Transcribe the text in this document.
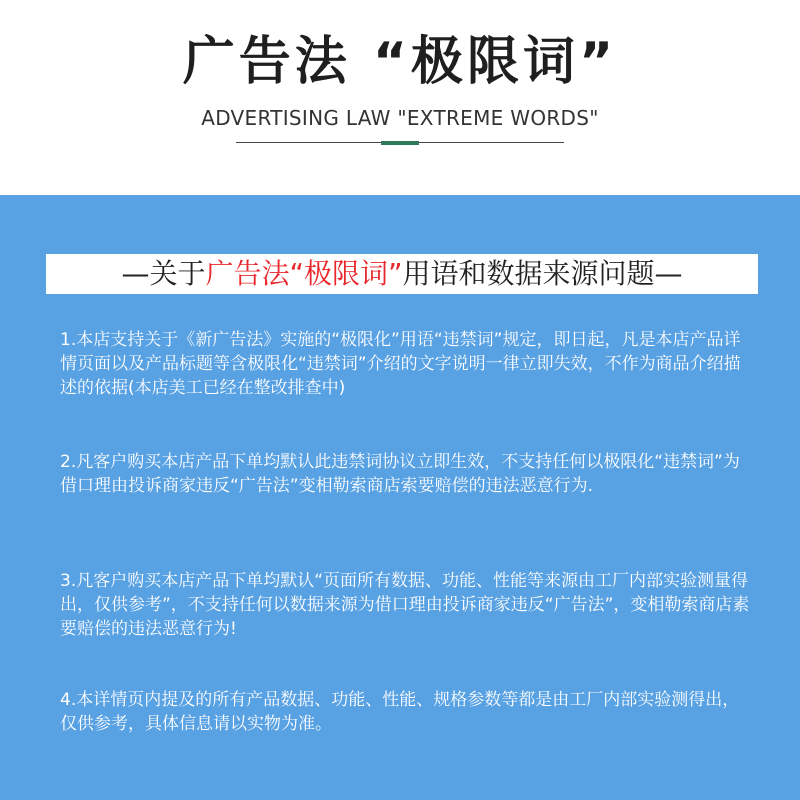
广告法 “极限词”
ADVERTISING LAW "EXTREME WORDS"
—关于广告法“极限词”用语和数据来源问题—
1.本店支持关于《新广告法》实施的“极限化”用语“违禁词”规定，即日起，凡是本店产品详情页面以及产品标题等含极限化“违禁词”介绍的文字说明一律立即失效，不作为商品介绍描述的依据(本店美工已经在整改排查中)
2.凡客户购买本店产品下单均默认此违禁词协议立即生效，不支持任何以极限化“违禁词”为借口理由投诉商家违反“广告法”变相勒索商店索要赔偿的违法恶意行为.
3.凡客户购买本店产品下单均默认“页面所有数据、功能、性能等来源由工厂内部实验测量得出，仅供参考”，不支持任何以数据来源为借口理由投诉商家违反“广告法”，变相勒索商店素要赔偿的违法恶意行为!
4.本详情页内提及的所有产品数据、功能、性能、规格参数等都是由工厂内部实验测得出，仅供参考，具体信息请以实物为准。
